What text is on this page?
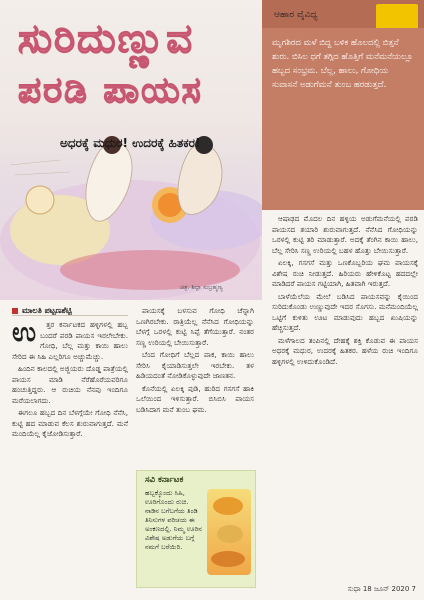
ಸುರಿದುಣ್ಣುವ
ಪರಡಿ ಪಾಯಸ
ಅಧರಕ್ಕೆ ಮಧುರ! ಉದರಕ್ಕೆ ಹಿತಕರ!
ಚಿತ್ರ: ಶಿಲ್ಪಾ ಸುಬ್ರಹ್ಮಣ್ಯ
ಆಹಾರ ವೈವಿಧ್ಯ

ಮೃಗಶಿರದ ಮಳೆ ಬಿದ್ದ ಬಳಿಕ ಹೊಲದಲ್ಲಿ ಬಿತ್ತನೆ ಶುರು. ಬಿಸಿಲ ಧಗೆ ತಗ್ಗಿದ ಹೊತ್ತಿಗೆ ಮನೆಮನೆಯಲ್ಲೂ ಹಬ್ಬದ ಸಂಭ್ರಮ. ಬೆಲ್ಲ, ಹಾಲು, ಗೋಧಿಯ ಸುವಾಸನೆ ಅಡುಗೆಮನೆ ತುಂಬ ಹರಡುತ್ತದೆ.

ಆಷಾಢದ ಮೊದಲ ದಿನ ಹಳ್ಳಿಯ ಅಡುಗೆಮನೆಯಲ್ಲಿ ಪರಡಿ ಪಾಯಸದ ತಯಾರಿ ಶುರುವಾಗುತ್ತದೆ. ನೆನೆಸಿದ ಗೋಧಿಯನ್ನು ಒರಳಲ್ಲಿ ಕುಟ್ಟಿ ತರಿ ಮಾಡುತ್ತಾರೆ. ಅದಕ್ಕೆ ತೆಂಗಿನ ಕಾಯಿ ಹಾಲು, ಬೆಲ್ಲ ಸೇರಿಸಿ ಸಣ್ಣ ಉರಿಯಲ್ಲಿ ಬಹಳ ಹೊತ್ತು ಬೇಯಿಸುತ್ತಾರೆ.

ಏಲಕ್ಕಿ, ಗಸಗಸೆ ಮತ್ತು ಒಣಕೊಬ್ಬರಿಯ ಘಮ ಪಾಯಸಕ್ಕೆ ವಿಶೇಷ ರುಚಿ ನೀಡುತ್ತದೆ. ಹಿರಿಯರು ಹೇಳಿಕೊಟ್ಟ ಹದದಲ್ಲೇ ಮಾಡಿದರೆ ಪಾಯಸ ಗಟ್ಟಿಯಾಗಿ, ಹಿತವಾಗಿ ಇರುತ್ತದೆ.

ಬಾಳೆಯೆಲೆಯ ಮೇಲೆ ಬಡಿಸಿದ ಪಾಯಸವನ್ನು ಕೈಯಿಂದ ಸುರಿದುಕೊಂಡು ಉಣ್ಣುವುದೇ ಇದರ ಸೊಗಸು. ಮನೆಮಂದಿಯೆಲ್ಲ ಒಟ್ಟಿಗೆ ಕುಳಿತು ಊಟ ಮಾಡುವುದು ಹಬ್ಬದ ಖುಷಿಯನ್ನು ಹೆಚ್ಚಿಸುತ್ತದೆ.

ಮಳೆಗಾಲದ ತಂಪಿನಲ್ಲಿ ದೇಹಕ್ಕೆ ಶಕ್ತಿ ಕೊಡುವ ಈ ಪಾಯಸ ಅಧರಕ್ಕೆ ಮಧುರ, ಉದರಕ್ಕೆ ಹಿತಕರ. ಹಳೆಯ ರುಚಿ ಇಂದಿಗೂ ಹಳ್ಳಿಗಳಲ್ಲಿ ಉಳಿದುಕೊಂಡಿದೆ.

ಸುಧಾ 18 ಜೂನ್ 2020 7
ಮಾಲತಿ ಪಟ್ಟಣಶೆಟ್ಟಿ
ಉ	ತ್ತರ ಕರ್ನಾಟಕದ ಹಳ್ಳಿಗಳಲ್ಲಿ ಹಬ್ಬ ಬಂದರೆ ಪರಡಿ ಪಾಯಸ ಇರಲೇಬೇಕು. ಗೋಧಿ, ಬೆಲ್ಲ ಮತ್ತು ಕಾಯಿ ಹಾಲು ಸೇರಿದ ಈ ಸಿಹಿ ಎಲ್ಲರಿಗೂ ಅಚ್ಚುಮೆಚ್ಚು.

ಹಿಂದಿನ ಕಾಲದಲ್ಲಿ ಅಜ್ಜಿಯರು ದೊಡ್ಡ ಪಾತ್ರೆಯಲ್ಲಿ ಪಾಯಸ ಮಾಡಿ ನೆರೆಹೊರೆಯವರಿಗೂ ಹಂಚುತ್ತಿದ್ದರು. ಆ ರುಚಿಯ ನೆನಪು ಇಂದಿಗೂ ಮರೆಯಲಾಗದು.

ಈಗಲೂ ಹಬ್ಬದ ದಿನ ಬೆಳಗ್ಗೆಯೇ ಗೋಧಿ ನೆನೆಸಿ, ಕುಟ್ಟಿ ಹದ ಮಾಡುವ ಕೆಲಸ ಶುರುವಾಗುತ್ತದೆ. ಮನೆ ಮಂದಿಯೆಲ್ಲ ಕೈಜೋಡಿಸುತ್ತಾರೆ.

ಪಾಯಸಕ್ಕೆ ಬಳಸುವ ಗೋಧಿ ಚೆನ್ನಾಗಿ ಒಣಗಿರಬೇಕು. ರಾತ್ರಿಯೆಲ್ಲ ನೆನೆಸಿದ ಗೋಧಿಯನ್ನು ಬೆಳಗ್ಗೆ ಒರಳಲ್ಲಿ ಕುಟ್ಟಿ ಸಿಪ್ಪೆ ತೆಗೆಯುತ್ತಾರೆ. ನಂತರ ಸಣ್ಣ ಉರಿಯಲ್ಲಿ ಬೇಯಿಸುತ್ತಾರೆ.

ಬೆಂದ ಗೋಧಿಗೆ ಬೆಲ್ಲದ ಪಾಕ, ಕಾಯಿ ಹಾಲು ಸೇರಿಸಿ ಕೈಯಾಡಿಸುತ್ತಲೇ ಇರಬೇಕು. ತಳ ಹಿಡಿಯದಂತೆ ನೋಡಿಕೊಳ್ಳುವುದೇ ಜಾಣತನ.

ಕೊನೆಯಲ್ಲಿ ಏಲಕ್ಕಿ ಪುಡಿ, ಹುರಿದ ಗಸಗಸೆ ಹಾಕಿ ಒಲೆಯಿಂದ ಇಳಿಸುತ್ತಾರೆ. ಬಿಸಿಬಿಸಿ ಪಾಯಸ ಬಡಿಸಿದಾಗ ಮನೆ ತುಂಬ ಘಮ.

ಸವಿ ಕರ್ನಾಟಕ
ಹಬ್ಬಕ್ಕೊಂದು ಸಿಹಿ, ಊರಿಗೊಂದು ರುಚಿ. ನಾಡಿನ ಬಗೆಬಗೆಯ ತಿಂಡಿ ತಿನಿಸುಗಳ ಪರಿಚಯ ಈ ಅಂಕಣದಲ್ಲಿ. ನಿಮ್ಮ ಊರಿನ ವಿಶೇಷ ಅಡುಗೆಯ ಬಗ್ಗೆ ನಮಗೆ ಬರೆಯಿರಿ.
